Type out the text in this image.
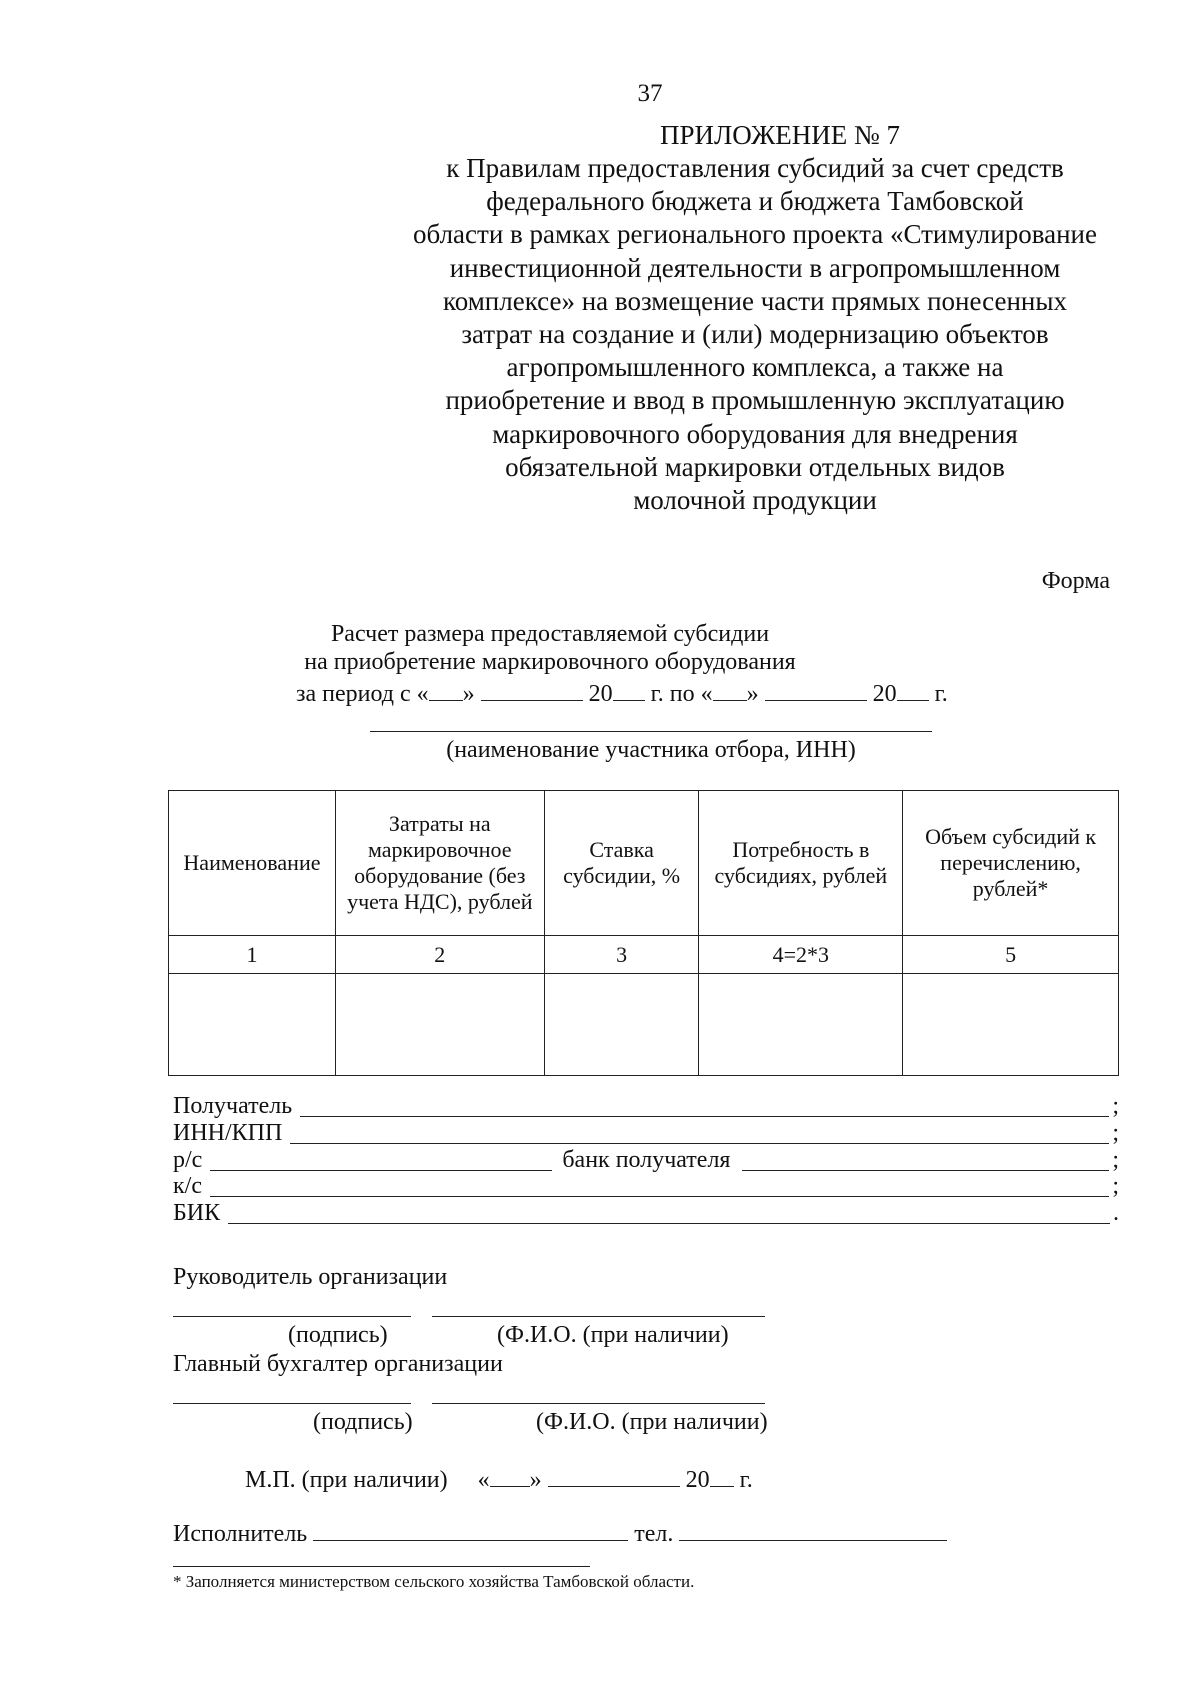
37
ПРИЛОЖЕНИЕ № 7
к Правилам предоставления субсидий за счет средств
федерального бюджета и бюджета Тамбовской
области в рамках регионального проекта «Стимулирование
инвестиционной деятельности в агропромышленном
комплексе» на возмещение части прямых понесенных
затрат на создание и (или) модернизацию объектов
агропромышленного комплекса, а также на
приобретение и ввод в промышленную эксплуатацию
маркировочного оборудования для внедрения
обязательной маркировки отдельных видов
молочной продукции
Форма
Расчет размера предоставляемой субсидии
на приобретение маркировочного оборудования
за период с « »	20 г. по « »	20 г.
(наименование участника отбора, ИНН)
Наименование	Затраты на маркировочное оборудование (без учета НДС), рублей	Ставка субсидии, %	Потребность в субсидиях, рублей	Объем субсидий к перечислению, рублей*
1	2	3	4=2*3	5

Получатель	;
ИНН/КПП	;
р/с	банк получателя	;
к/с	;
БИК	.
Руководитель организации
(подпись)	(Ф.И.О. (при наличии)
Главный бухгалтер организации
(подпись)	(Ф.И.О. (при наличии)
М.П. (при наличии) « »	20 г.
Исполнитель	тел.
* Заполняется министерством сельского хозяйства Тамбовской области.
